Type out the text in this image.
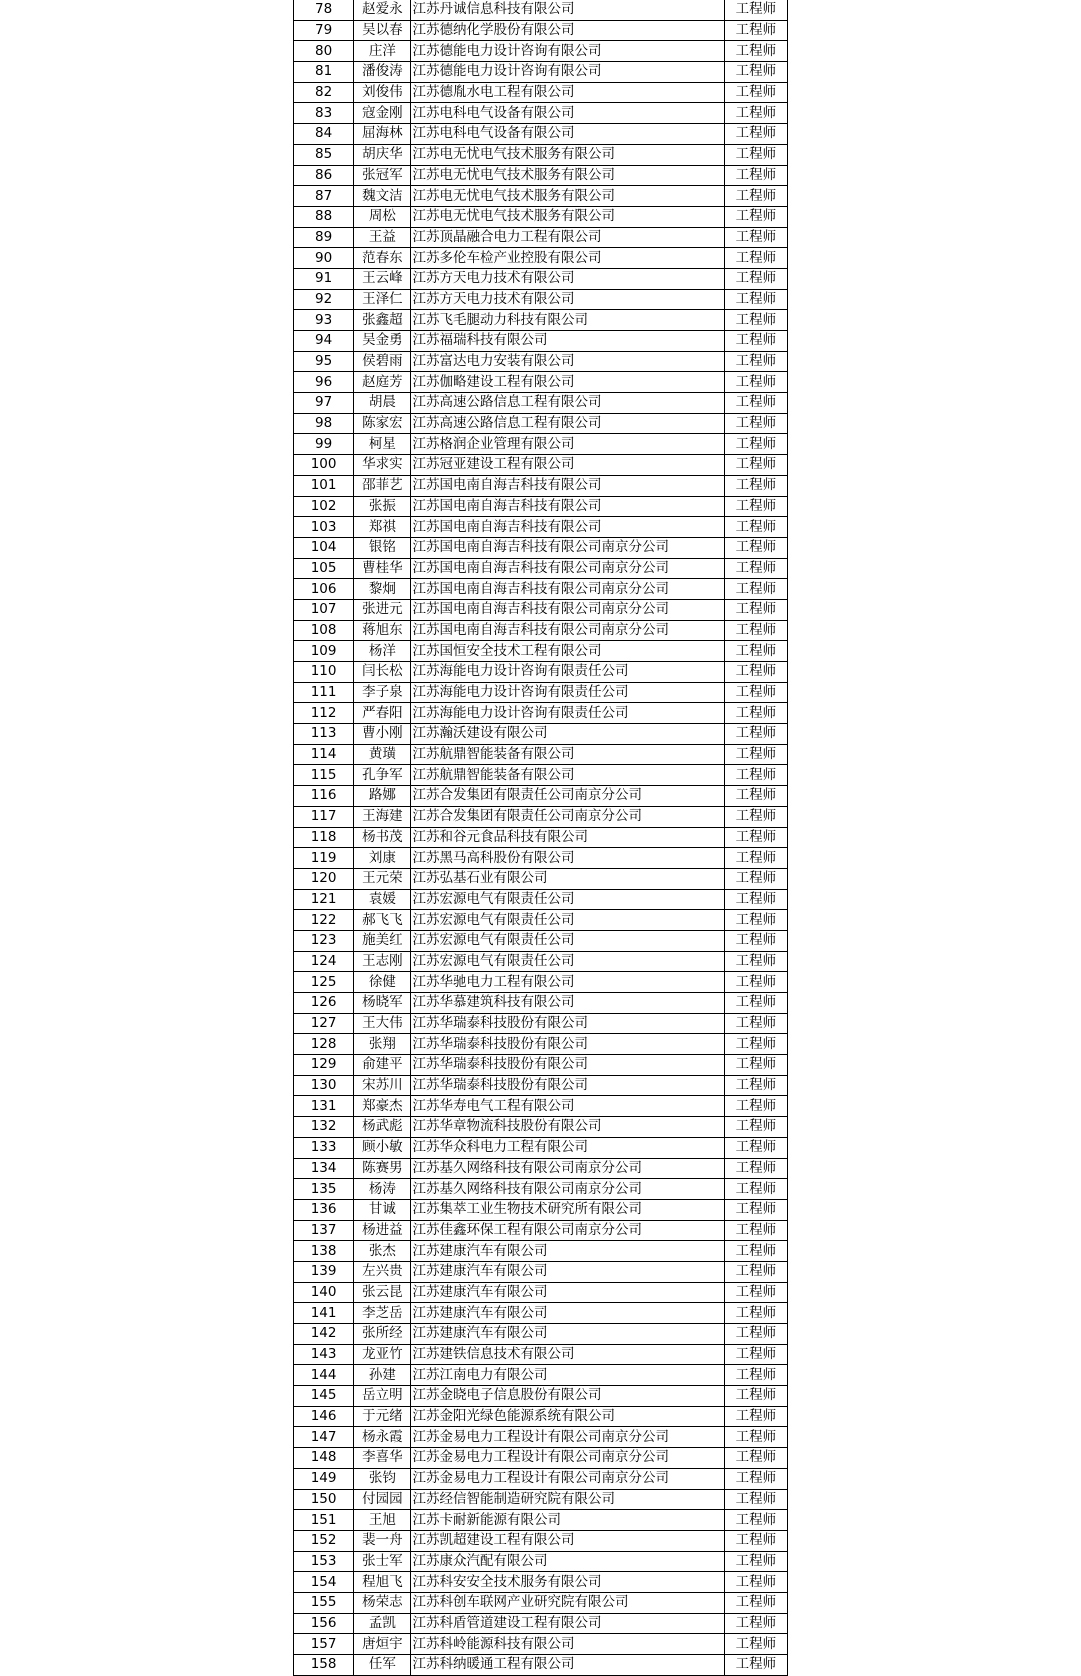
78	赵爱永	江苏丹诚信息科技有限公司	工程师
79	吴以春	江苏德纳化学股份有限公司	工程师
80	庄洋	江苏德能电力设计咨询有限公司	工程师
81	潘俊涛	江苏德能电力设计咨询有限公司	工程师
82	刘俊伟	江苏德胤水电工程有限公司	工程师
83	寇金刚	江苏电科电气设备有限公司	工程师
84	屈海林	江苏电科电气设备有限公司	工程师
85	胡庆华	江苏电无忧电气技术服务有限公司	工程师
86	张冠军	江苏电无忧电气技术服务有限公司	工程师
87	魏文洁	江苏电无忧电气技术服务有限公司	工程师
88	周松	江苏电无忧电气技术服务有限公司	工程师
89	王益	江苏顶晶融合电力工程有限公司	工程师
90	范春东	江苏多伦车检产业控股有限公司	工程师
91	王云峰	江苏方天电力技术有限公司	工程师
92	王泽仁	江苏方天电力技术有限公司	工程师
93	张鑫超	江苏飞毛腿动力科技有限公司	工程师
94	吴金勇	江苏福瑞科技有限公司	工程师
95	侯碧雨	江苏富达电力安装有限公司	工程师
96	赵庭芳	江苏伽略建设工程有限公司	工程师
97	胡晨	江苏高速公路信息工程有限公司	工程师
98	陈家宏	江苏高速公路信息工程有限公司	工程师
99	柯星	江苏格润企业管理有限公司	工程师
100	华求实	江苏冠亚建设工程有限公司	工程师
101	邵菲艺	江苏国电南自海吉科技有限公司	工程师
102	张振	江苏国电南自海吉科技有限公司	工程师
103	郑祺	江苏国电南自海吉科技有限公司	工程师
104	银铭	江苏国电南自海吉科技有限公司南京分公司	工程师
105	曹桂华	江苏国电南自海吉科技有限公司南京分公司	工程师
106	黎炯	江苏国电南自海吉科技有限公司南京分公司	工程师
107	张进元	江苏国电南自海吉科技有限公司南京分公司	工程师
108	蒋旭东	江苏国电南自海吉科技有限公司南京分公司	工程师
109	杨洋	江苏国恒安全技术工程有限公司	工程师
110	闫长松	江苏海能电力设计咨询有限责任公司	工程师
111	李子泉	江苏海能电力设计咨询有限责任公司	工程师
112	严春阳	江苏海能电力设计咨询有限责任公司	工程师
113	曹小刚	江苏瀚沃建设有限公司	工程师
114	黄璜	江苏航鼎智能装备有限公司	工程师
115	孔争军	江苏航鼎智能装备有限公司	工程师
116	路娜	江苏合发集团有限责任公司南京分公司	工程师
117	王海建	江苏合发集团有限责任公司南京分公司	工程师
118	杨书茂	江苏和谷元食品科技有限公司	工程师
119	刘康	江苏黑马高科股份有限公司	工程师
120	王元荣	江苏弘基石业有限公司	工程师
121	袁媛	江苏宏源电气有限责任公司	工程师
122	郝飞飞	江苏宏源电气有限责任公司	工程师
123	施美红	江苏宏源电气有限责任公司	工程师
124	王志刚	江苏宏源电气有限责任公司	工程师
125	徐健	江苏华驰电力工程有限公司	工程师
126	杨晓军	江苏华慕建筑科技有限公司	工程师
127	王大伟	江苏华瑞泰科技股份有限公司	工程师
128	张翔	江苏华瑞泰科技股份有限公司	工程师
129	俞建平	江苏华瑞泰科技股份有限公司	工程师
130	宋苏川	江苏华瑞泰科技股份有限公司	工程师
131	郑豪杰	江苏华寿电气工程有限公司	工程师
132	杨武彪	江苏华章物流科技股份有限公司	工程师
133	顾小敏	江苏华众科电力工程有限公司	工程师
134	陈赛男	江苏基久网络科技有限公司南京分公司	工程师
135	杨涛	江苏基久网络科技有限公司南京分公司	工程师
136	甘诚	江苏集萃工业生物技术研究所有限公司	工程师
137	杨进益	江苏佳鑫环保工程有限公司南京分公司	工程师
138	张杰	江苏建康汽车有限公司	工程师
139	左兴贵	江苏建康汽车有限公司	工程师
140	张云昆	江苏建康汽车有限公司	工程师
141	李芝岳	江苏建康汽车有限公司	工程师
142	张所经	江苏建康汽车有限公司	工程师
143	龙亚竹	江苏建铁信息技术有限公司	工程师
144	孙建	江苏江南电力有限公司	工程师
145	岳立明	江苏金晓电子信息股份有限公司	工程师
146	于元绪	江苏金阳光绿色能源系统有限公司	工程师
147	杨永霞	江苏金易电力工程设计有限公司南京分公司	工程师
148	李喜华	江苏金易电力工程设计有限公司南京分公司	工程师
149	张钧	江苏金易电力工程设计有限公司南京分公司	工程师
150	付园园	江苏经信智能制造研究院有限公司	工程师
151	王旭	江苏卡耐新能源有限公司	工程师
152	裴一舟	江苏凯超建设工程有限公司	工程师
153	张士军	江苏康众汽配有限公司	工程师
154	程旭飞	江苏科安安全技术服务有限公司	工程师
155	杨荣志	江苏科创车联网产业研究院有限公司	工程师
156	孟凯	江苏科盾管道建设工程有限公司	工程师
157	唐烜宇	江苏科岭能源科技有限公司	工程师
158	任军	江苏科纳暖通工程有限公司	工程师
